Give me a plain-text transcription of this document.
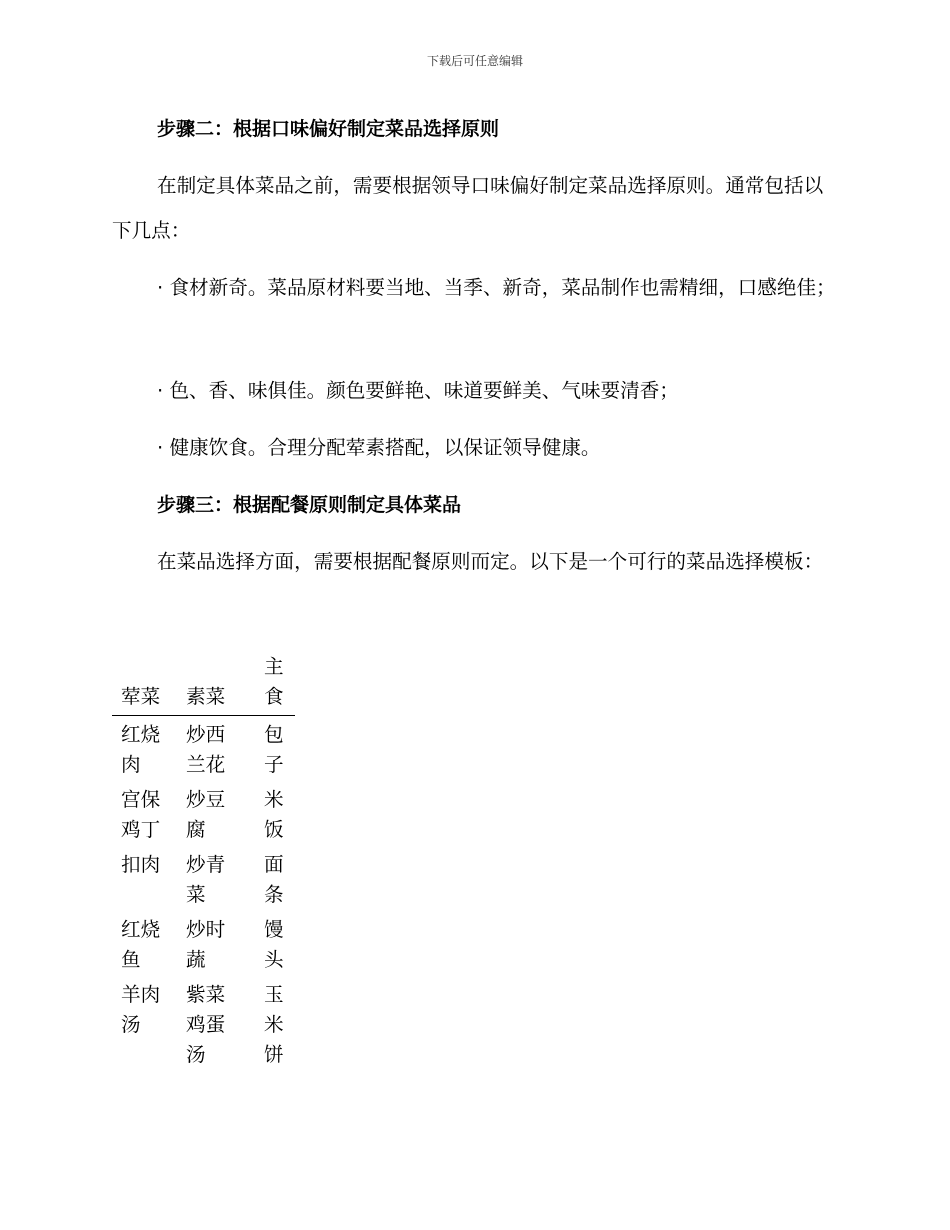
下载后可任意编辑
步骤二：根据口味偏好制定菜品选择原则

在制定具体菜品之前，需要根据领导口味偏好制定菜品选择原则。通常包括以下几点：

· 食材新奇。菜品原材料要当地、当季、新奇，菜品制作也需精细，口感绝佳；

· 色、香、味俱佳。颜色要鲜艳、味道要鲜美、气味要清香；
· 健康饮食。合理分配荤素搭配，以保证领导健康。
步骤三：根据配餐原则制定具体菜品

在菜品选择方面，需要根据配餐原则而定。以下是一个可行的菜品选择模板：

荤菜	素菜	主食
红烧肉	炒西兰花	包子
宫保鸡丁	炒豆腐	米饭
扣肉	炒青菜	面条
红烧鱼	炒时蔬	馒头
羊肉汤	紫菜鸡蛋汤	玉米饼
